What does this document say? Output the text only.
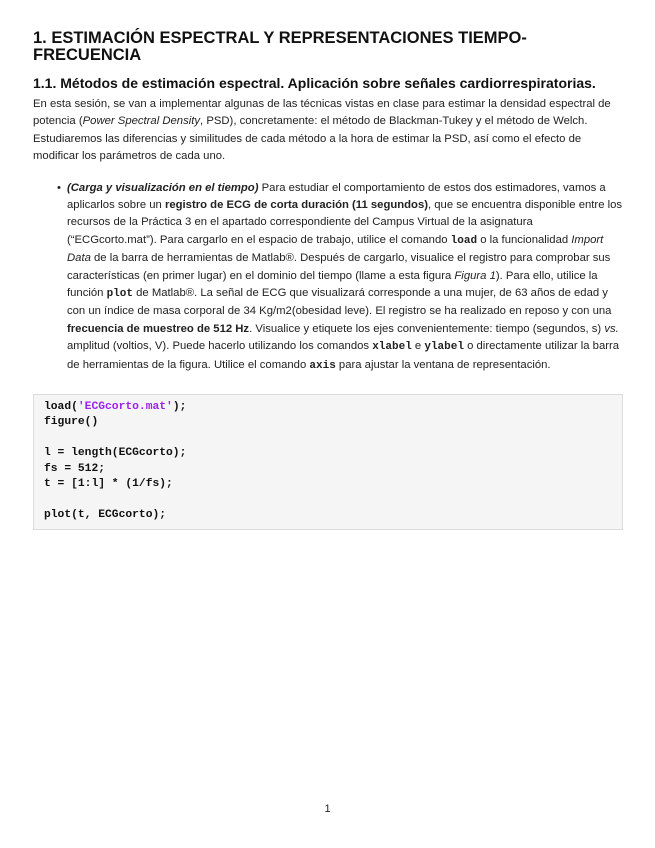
1. ESTIMACIÓN ESPECTRAL Y REPRESENTACIONES TIEMPO-FRECUENCIA
1.1. Métodos de estimación espectral. Aplicación sobre señales cardiorrespiratorias.

En esta sesión, se van a implementar algunas de las técnicas vistas en clase para estimar la densidad espectral de potencia (Power Spectral Density, PSD), concretamente: el método de Blackman-Tukey y el método de Welch. Estudiaremos las diferencias y similitudes de cada método a la hora de estimar la PSD, así como el efecto de modificar los parámetros de cada uno.

• (Carga y visualización en el tiempo) Para estudiar el comportamiento de estos dos estimadores, vamos a aplicarlos sobre un registro de ECG de corta duración (11 segundos), que se encuentra disponible entre los recursos de la Práctica 3 en el apartado correspondiente del Campus Virtual de la asignatura (“ECGcorto.mat”). Para cargarlo en el espacio de trabajo, utilice el comando load o la funcionalidad Import Data de la barra de herramientas de Matlab®. Después de cargarlo, visualice el registro para comprobar sus características (en primer lugar) en el dominio del tiempo (llame a esta figura Figura 1). Para ello, utilice la función plot de Matlab®. La señal de ECG que visualizará corresponde a una mujer, de 63 años de edad y con un índice de masa corporal de 34 Kg/m2(obesidad leve). El registro se ha realizado en reposo y con una frecuencia de muestreo de 512 Hz. Visualice y etiquete los ejes convenientemente: tiempo (segundos, s) vs. amplitud (voltios, V). Puede hacerlo utilizando los comandos xlabel e ylabel o directamente utilizar la barra de herramientas de la figura. Utilice el comando axis para ajustar la ventana de representación.
load('ECGcorto.mat');
figure()
l = length(ECGcorto);
fs = 512;
t = [1:l] * (1/fs);
plot(t, ECGcorto);
1
